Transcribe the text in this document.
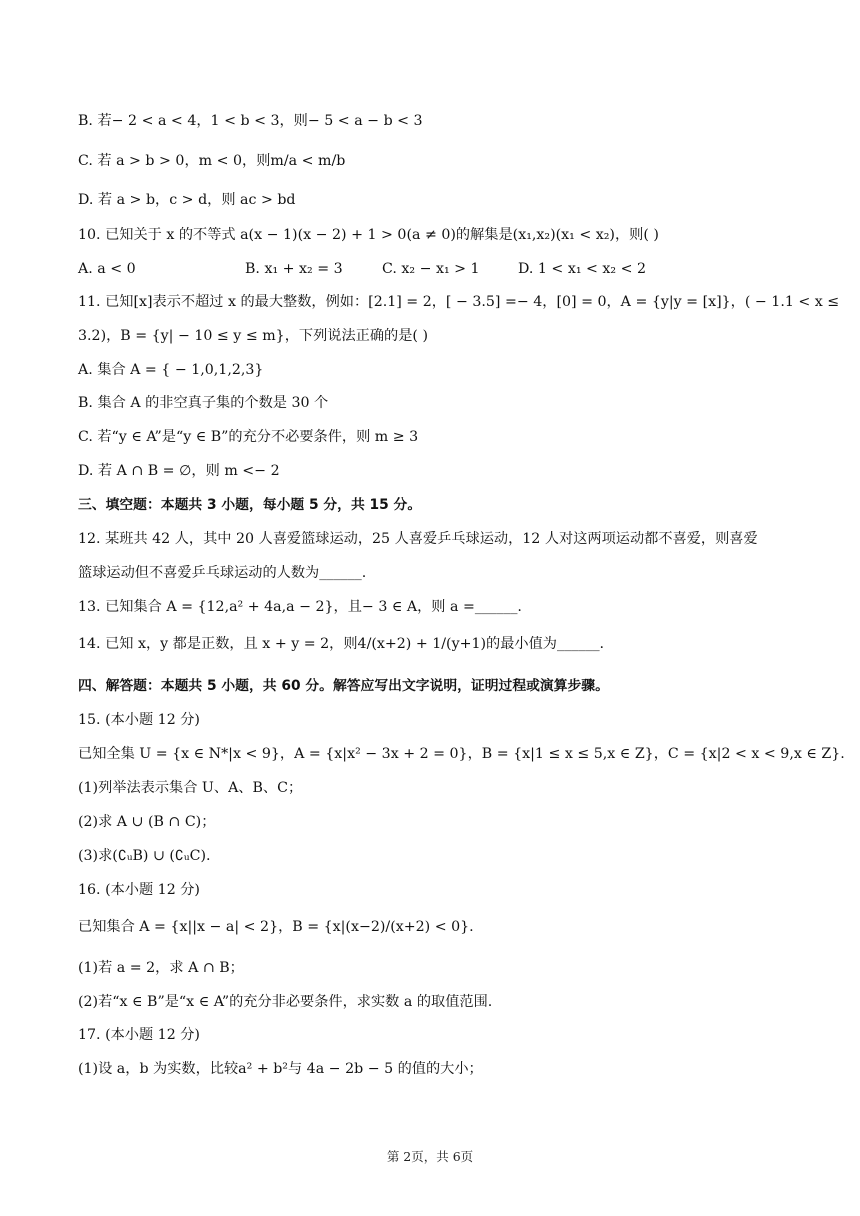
B. 若− 2 < a < 4，1 < b < 3，则− 5 < a − b < 3
C. 若 a > b > 0，m < 0，则m/a < m/b
D. 若 a > b，c > d，则 ac > bd
10. 已知关于 x 的不等式 a(x − 1)(x − 2) + 1 > 0(a ≠ 0)的解集是(x₁,x₂)(x₁ < x₂)，则( )
A. a < 0	B. x₁ + x₂ = 3	C. x₂ − x₁ > 1	D. 1 < x₁ < x₂ < 2
11. 已知[x]表示不超过 x 的最大整数，例如：[2.1] = 2，[ − 3.5] =− 4，[0] = 0，A = {y|y = [x]}，( − 1.1 < x ≤
3.2)，B = {y| − 10 ≤ y ≤ m}，下列说法正确的是( )
A. 集合 A = { − 1,0,1,2,3}
B. 集合 A 的非空真子集的个数是 30 个
C. 若“y ∈ A”是“y ∈ B”的充分不必要条件，则 m ≥ 3
D. 若 A ∩ B = ∅，则 m <− 2
三、填空题：本题共 3 小题，每小题 5 分，共 15 分。
12. 某班共 42 人，其中 20 人喜爱篮球运动，25 人喜爱乒乓球运动，12 人对这两项运动都不喜爱，则喜爱
篮球运动但不喜爱乒乓球运动的人数为______.
13. 已知集合 A = {12,a² + 4a,a − 2}，且− 3 ∈ A，则 a =______.
14. 已知 x，y 都是正数，且 x + y = 2，则4/(x+2) + 1/(y+1)的最小值为______.
四、解答题：本题共 5 小题，共 60 分。解答应写出文字说明，证明过程或演算步骤。
15. (本小题 12 分)
已知全集 U = {x ∈ N*|x < 9}，A = {x|x² − 3x + 2 = 0}，B = {x|1 ≤ x ≤ 5,x ∈ Z}，C = {x|2 < x < 9,x ∈ Z}.
(1)列举法表示集合 U、A、B、C；
(2)求 A ∪ (B ∩ C)；
(3)求(∁ᵤB) ∪ (∁ᵤC).
16. (本小题 12 分)
已知集合 A = {x||x − a| < 2}，B = {x|(x−2)/(x+2) < 0}.
(1)若 a = 2，求 A ∩ B；
(2)若“x ∈ B”是“x ∈ A”的充分非必要条件，求实数 a 的取值范围.
17. (本小题 12 分)
(1)设 a，b 为实数，比较a² + b²与 4a − 2b − 5 的值的大小；
第 2页，共 6页
